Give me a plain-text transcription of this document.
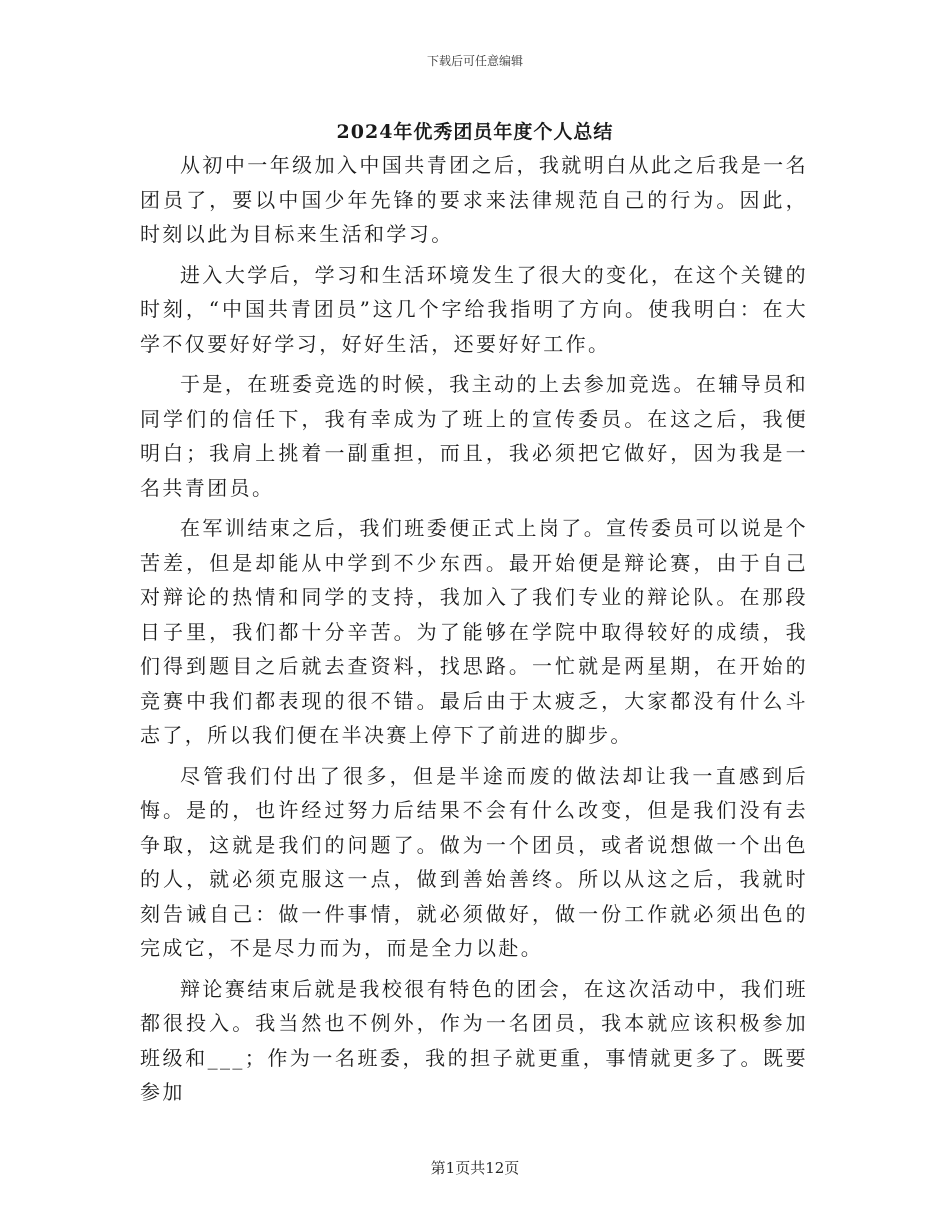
下载后可任意编辑
2024年优秀团员年度个人总结

从初中一年级加入中国共青团之后，我就明白从此之后我是一名团员了，要以中国少年先锋的要求来法律规范自己的行为。因此，时刻以此为目标来生活和学习。

进入大学后，学习和生活环境发生了很大的变化，在这个关键的时刻，“中国共青团员”这几个字给我指明了方向。使我明白：在大学不仅要好好学习，好好生活，还要好好工作。

于是，在班委竞选的时候，我主动的上去参加竞选。在辅导员和同学们的信任下，我有幸成为了班上的宣传委员。在这之后，我便明白；我肩上挑着一副重担，而且，我必须把它做好，因为我是一名共青团员。

在军训结束之后，我们班委便正式上岗了。宣传委员可以说是个苦差，但是却能从中学到不少东西。最开始便是辩论赛，由于自己对辩论的热情和同学的支持，我加入了我们专业的辩论队。在那段日子里，我们都十分辛苦。为了能够在学院中取得较好的成绩，我们得到题目之后就去查资料，找思路。一忙就是两星期，在开始的竞赛中我们都表现的很不错。最后由于太疲乏，大家都没有什么斗志了，所以我们便在半决赛上停下了前进的脚步。

尽管我们付出了很多，但是半途而废的做法却让我一直感到后悔。是的，也许经过努力后结果不会有什么改变，但是我们没有去争取，这就是我们的问题了。做为一个团员，或者说想做一个出色的人，就必须克服这一点，做到善始善终。所以从这之后，我就时刻告诫自己：做一件事情，就必须做好，做一份工作就必须出色的完成它，不是尽力而为，而是全力以赴。

辩论赛结束后就是我校很有特色的团会，在这次活动中，我们班都很投入。我当然也不例外，作为一名团员，我本就应该积极参加班级和___；作为一名班委，我的担子就更重，事情就更多了。既要参加

第1页共12页
